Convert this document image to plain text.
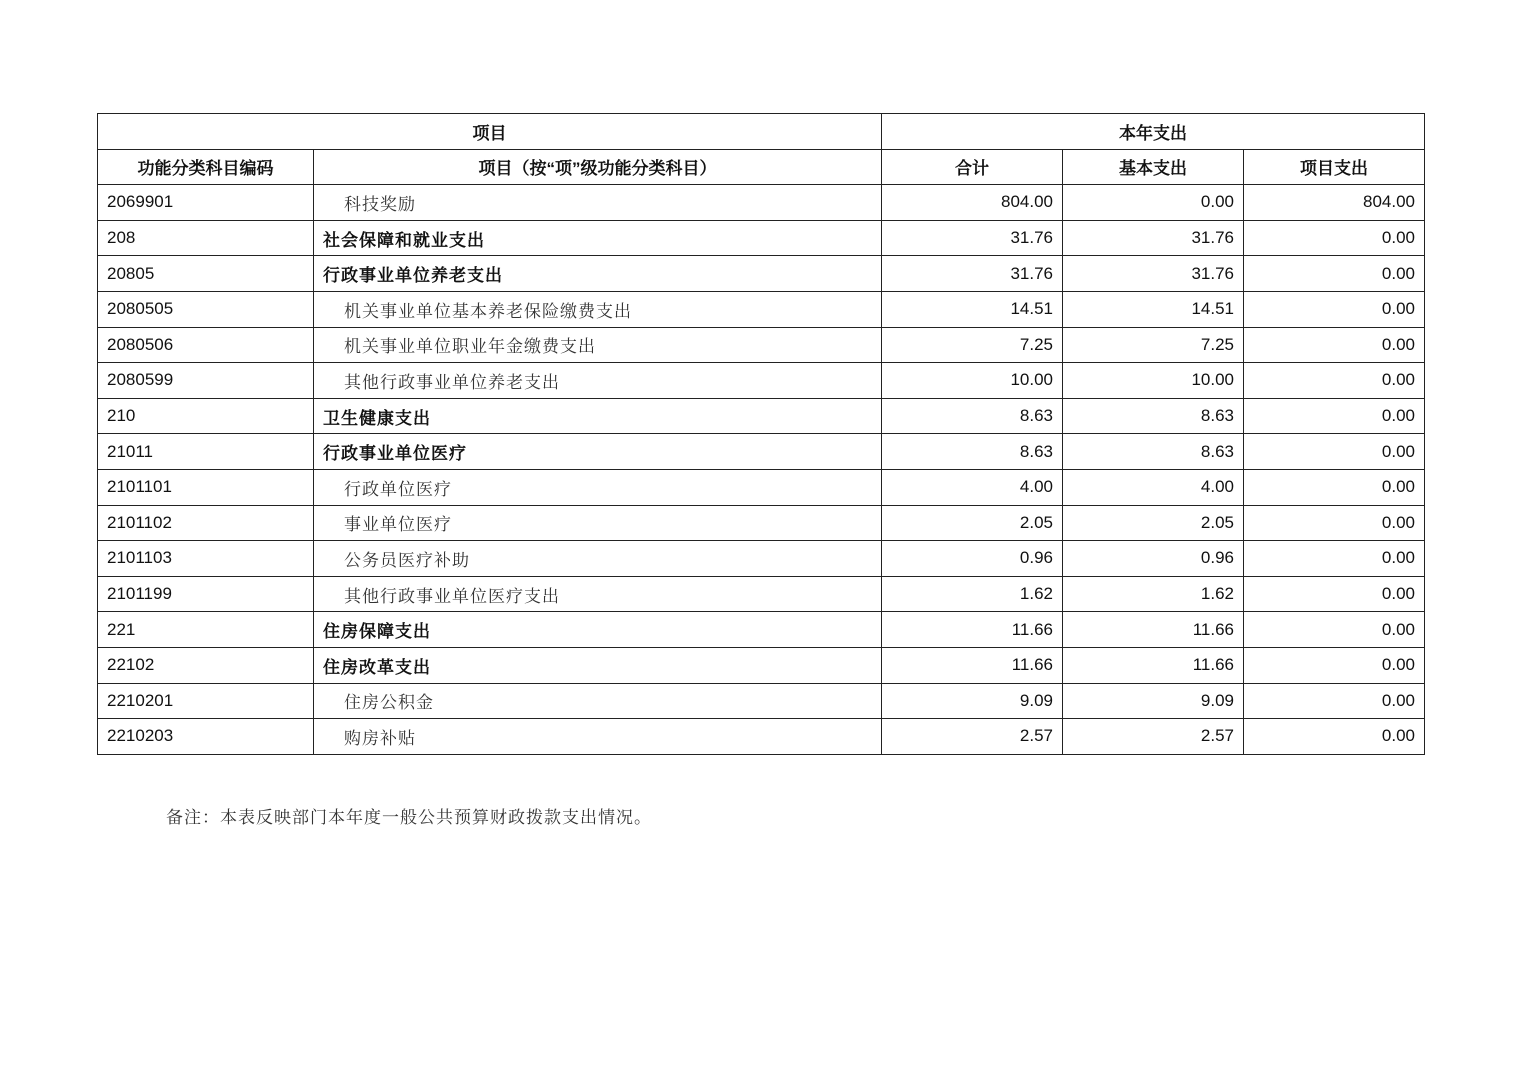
项目		本年支出		
功能分类科目编码	项目（按“项”级功能分类科目）	合计	基本支出	项目支出
2069901	科技奖励	804.00	0.00	804.00
208	社会保障和就业支出	31.76	31.76	0.00
20805	行政事业单位养老支出	31.76	31.76	0.00
2080505	机关事业单位基本养老保险缴费支出	14.51	14.51	0.00
2080506	机关事业单位职业年金缴费支出	7.25	7.25	0.00
2080599	其他行政事业单位养老支出	10.00	10.00	0.00
210	卫生健康支出	8.63	8.63	0.00
21011	行政事业单位医疗	8.63	8.63	0.00
2101101	行政单位医疗	4.00	4.00	0.00
2101102	事业单位医疗	2.05	2.05	0.00
2101103	公务员医疗补助	0.96	0.96	0.00
2101199	其他行政事业单位医疗支出	1.62	1.62	0.00
221	住房保障支出	11.66	11.66	0.00
22102	住房改革支出	11.66	11.66	0.00
2210201	住房公积金	9.09	9.09	0.00
2210203	购房补贴	2.57	2.57	0.00
备注：本表反映部门本年度一般公共预算财政拨款支出情况。
